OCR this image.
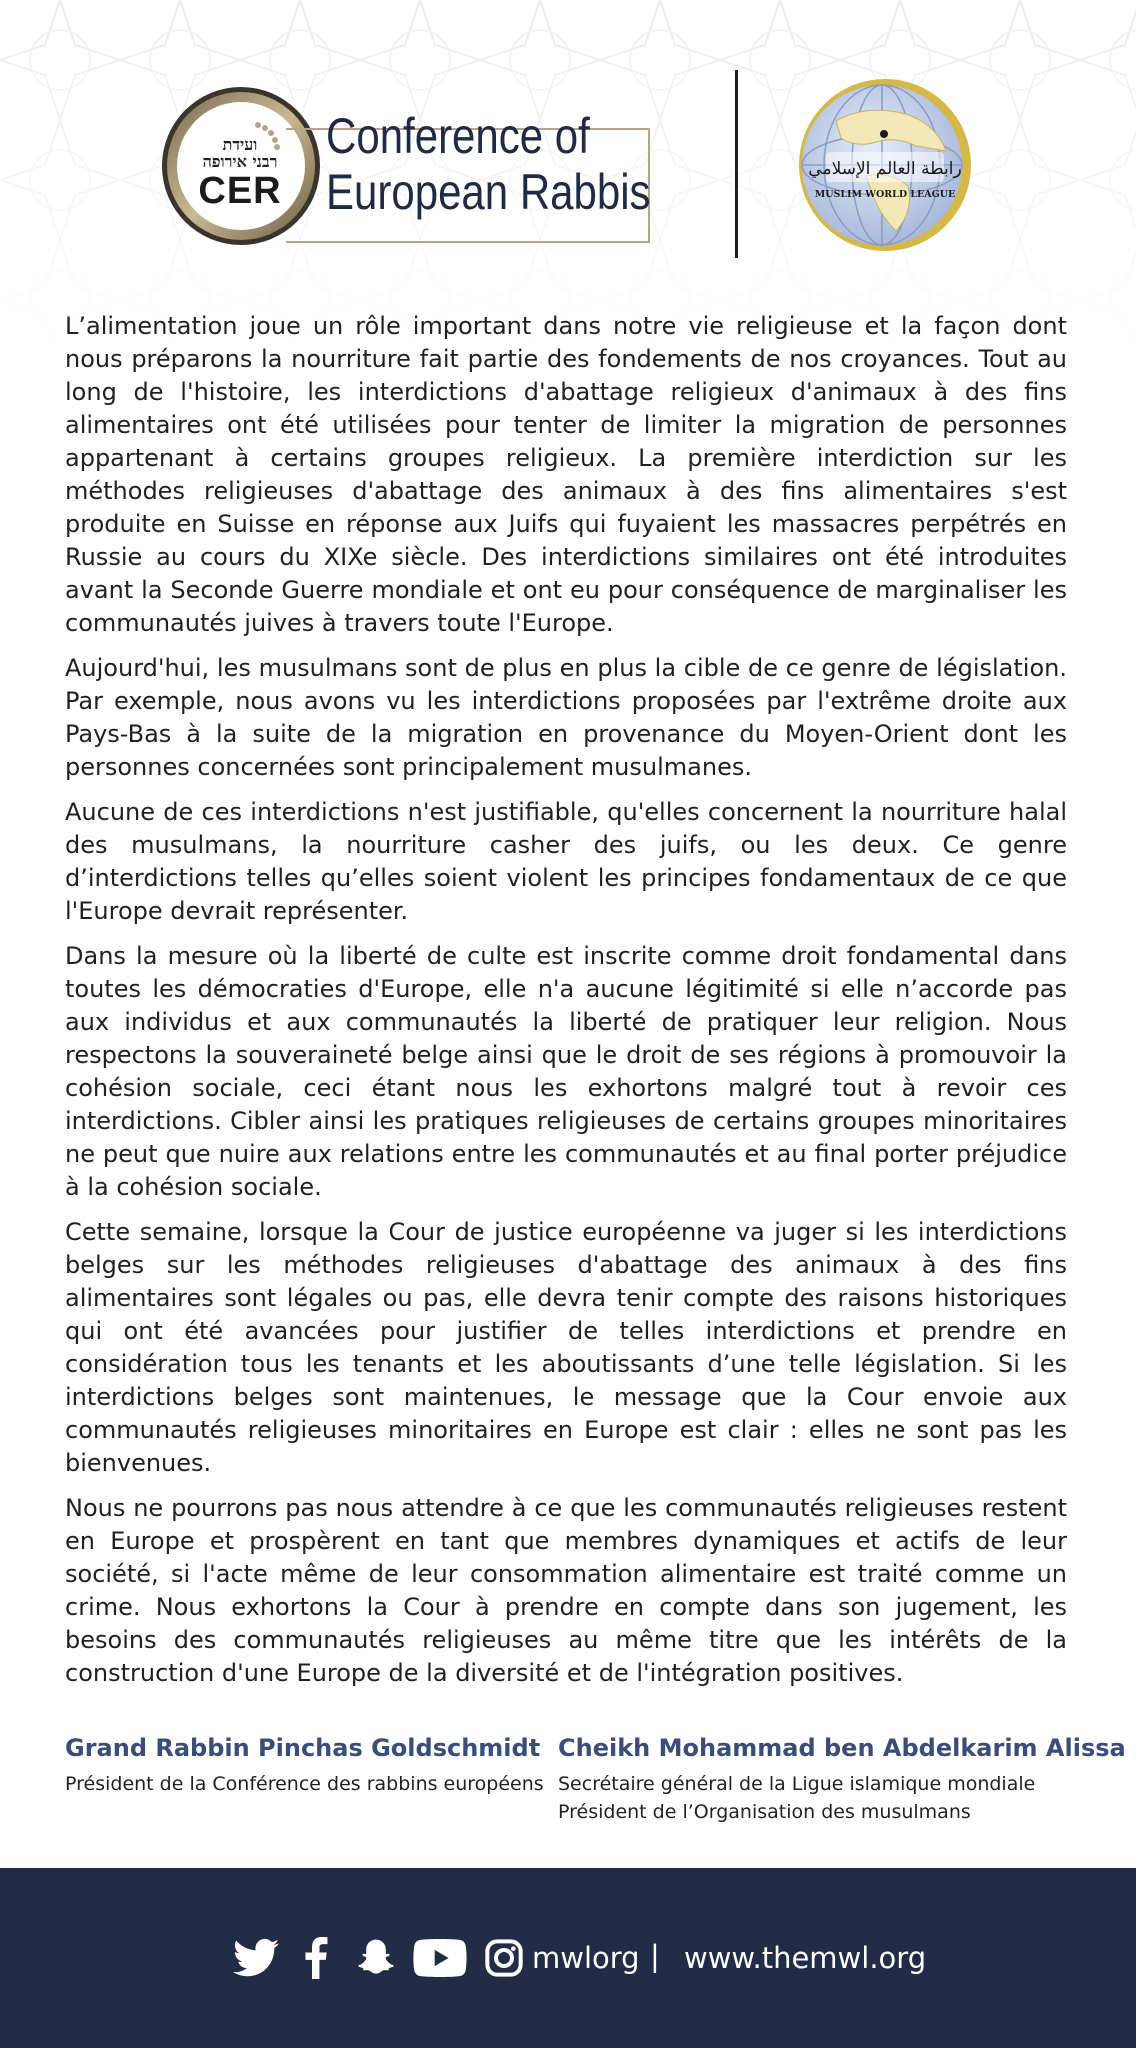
ועידת
רבני אירופה
CER
Conference of
European Rabbis	رابطة العالم الإسلامي
MUSLIM WORLD LEAGUE

L’alimentation joue un rôle important dans notre vie religieuse et la façon dont nous préparons la nourriture fait partie des fondements de nos croyances. Tout au long de l'histoire, les interdictions d'abattage religieux d'animaux à des fins alimentaires ont été utilisées pour tenter de limiter la migration de personnes appartenant à certains groupes religieux. La première interdiction sur les méthodes religieuses d'abattage des animaux à des fins alimentaires s'est produite en Suisse en réponse aux Juifs qui fuyaient les massacres perpétrés en Russie au cours du XIXe siècle. Des interdictions similaires ont été introduites avant la Seconde Guerre mondiale et ont eu pour conséquence de marginaliser les communautés juives à travers toute l'Europe.

Aujourd'hui, les musulmans sont de plus en plus la cible de ce genre de législation. Par exemple, nous avons vu les interdictions proposées par l'extrême droite aux Pays-Bas à la suite de la migration en provenance du Moyen-Orient dont les personnes concernées sont principalement musulmanes.

Aucune de ces interdictions n'est justifiable, qu'elles concernent la nourriture halal des musulmans, la nourriture casher des juifs, ou les deux. Ce genre d’interdictions telles qu’elles soient violent les principes fondamentaux de ce que l'Europe devrait représenter.

Dans la mesure où la liberté de culte est inscrite comme droit fondamental dans toutes les démocraties d'Europe, elle n'a aucune légitimité si elle n’accorde pas aux individus et aux communautés la liberté de pratiquer leur religion. Nous respectons la souveraineté belge ainsi que le droit de ses régions à promouvoir la cohésion sociale, ceci étant nous les exhortons malgré tout à revoir ces interdictions. Cibler ainsi les pratiques religieuses de certains groupes minoritaires ne peut que nuire aux relations entre les communautés et au final porter préjudice à la cohésion sociale.

Cette semaine, lorsque la Cour de justice européenne va juger si les interdictions belges sur les méthodes religieuses d'abattage des animaux à des fins alimentaires sont légales ou pas, elle devra tenir compte des raisons historiques qui ont été avancées pour justifier de telles interdictions et prendre en considération tous les tenants et les aboutissants d’une telle législation. Si les interdictions belges sont maintenues, le message que la Cour envoie aux communautés religieuses minoritaires en Europe est clair : elles ne sont pas les bienvenues.

Nous ne pourrons pas nous attendre à ce que les communautés religieuses restent en Europe et prospèrent en tant que membres dynamiques et actifs de leur société, si l'acte même de leur consommation alimentaire est traité comme un crime. Nous exhortons la Cour à prendre en compte dans son jugement, les besoins des communautés religieuses au même titre que les intérêts de la construction d'une Europe de la diversité et de l'intégration positives.

Grand Rabbin Pinchas Goldschmidt
Président de la Conférence des rabbins européens
Cheikh Mohammad ben Abdelkarim Alissa
Secrétaire général de la Ligue islamique mondiale
Président de l’Organisation des musulmans
mwlorg | www.themwl.org
